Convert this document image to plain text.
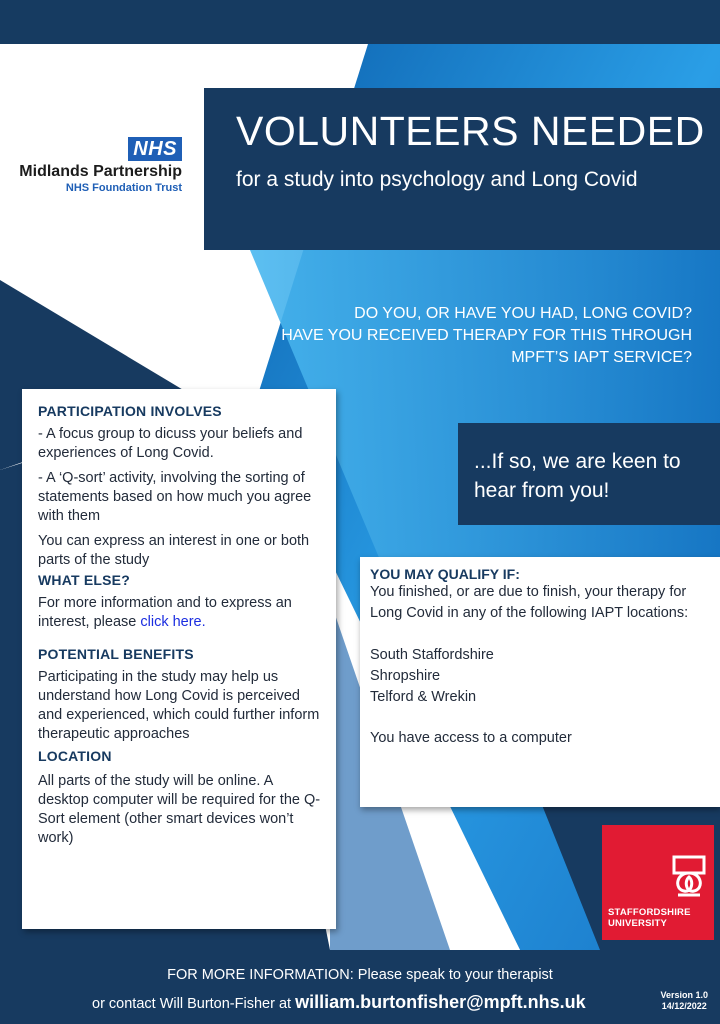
NHS
Midlands Partnership
NHS Foundation Trust
VOLUNTEERS NEEDED
for a study into psychology and Long Covid
DO YOU, OR HAVE YOU HAD, LONG COVID?
HAVE YOU RECEIVED THERAPY FOR THIS THROUGH
MPFT’S IAPT SERVICE?
...If so, we are keen to
hear from you!
PARTICIPATION INVOLVES

- A focus group to dicuss your beliefs and experiences of Long Covid.

- A ‘Q-sort’ activity, involving the sorting of statements based on how much you agree with them

You can express an interest in one or both parts of the study

WHAT ELSE?

For more information and to express an interest, please click here.

POTENTIAL BENEFITS

Participating in the study may help us understand how Long Covid is perceived and experienced, which could further inform therapeutic approaches

LOCATION

All parts of the study will be online. A desktop computer will be required for the Q-Sort element (other smart devices won’t work)

YOU MAY QUALIFY IF:

You finished, or are due to finish, your therapy for Long Covid in any of the following IAPT locations:

South Staffordshire

Shropshire

Telford & Wrekin

You have access to a computer

STAFFORDSHIRE
UNIVERSITY
FOR MORE INFORMATION: Please speak to your therapist
or contact Will Burton-Fisher at william.burtonfisher@mpft.nhs.uk	Version 1.0
14/12/2022
